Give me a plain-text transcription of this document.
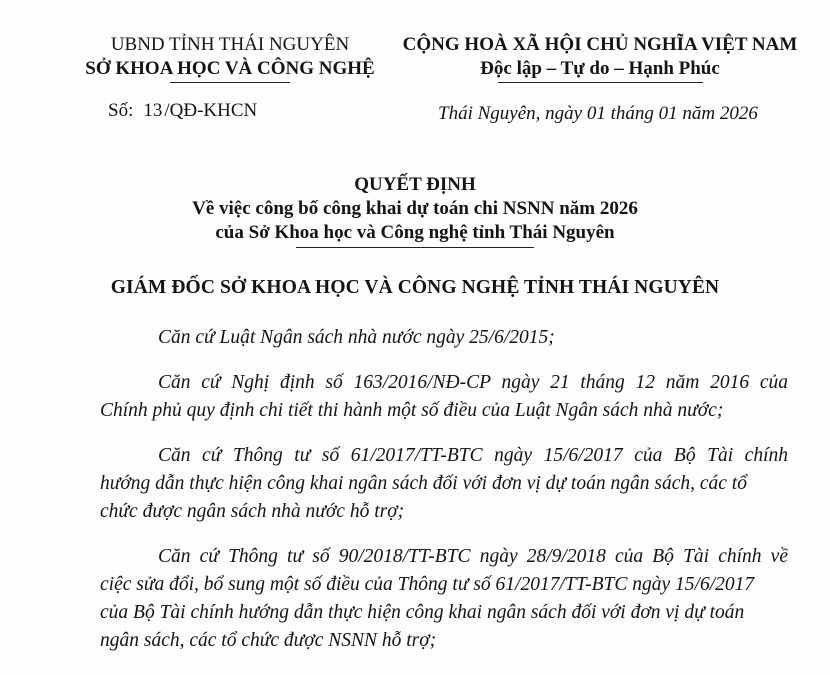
UBND TỈNH THÁI NGUYÊN
SỞ KHOA HỌC VÀ CÔNG NGHỆ
CỘNG HOÀ XÃ HỘI CHỦ NGHĨA VIỆT NAM
Độc lập – Tự do – Hạnh Phúc
Số: 13 /QĐ-KHCN	Thái Nguyên, ngày 01 tháng 01 năm 2026
QUYẾT ĐỊNH
Về việc công bố công khai dự toán chi NSNN năm 2026
của Sở Khoa học và Công nghệ tỉnh Thái Nguyên
GIÁM ĐỐC SỞ KHOA HỌC VÀ CÔNG NGHỆ TỈNH THÁI NGUYÊN
Căn cứ Luật Ngân sách nhà nước ngày 25/6/2015;
Căn cứ Nghị định số 163/2016/NĐ-CP ngày 21 tháng 12 năm 2016 của
Chính phủ quy định chi tiết thi hành một số điều của Luật Ngân sách nhà nước;
Căn cứ Thông tư số 61/2017/TT-BTC ngày 15/6/2017 của Bộ Tài chính
hướng dẫn thực hiện công khai ngân sách đối với đơn vị dự toán ngân sách, các tổ
chức được ngân sách nhà nước hỗ trợ;
Căn cứ Thông tư số 90/2018/TT-BTC ngày 28/9/2018 của Bộ Tài chính về
ciệc sửa đổi, bổ sung một số điều của Thông tư số 61/2017/TT-BTC ngày 15/6/2017
của Bộ Tài chính hướng dẫn thực hiện công khai ngân sách đối với đơn vị dự toán
ngân sách, các tổ chức được NSNN hỗ trợ;
